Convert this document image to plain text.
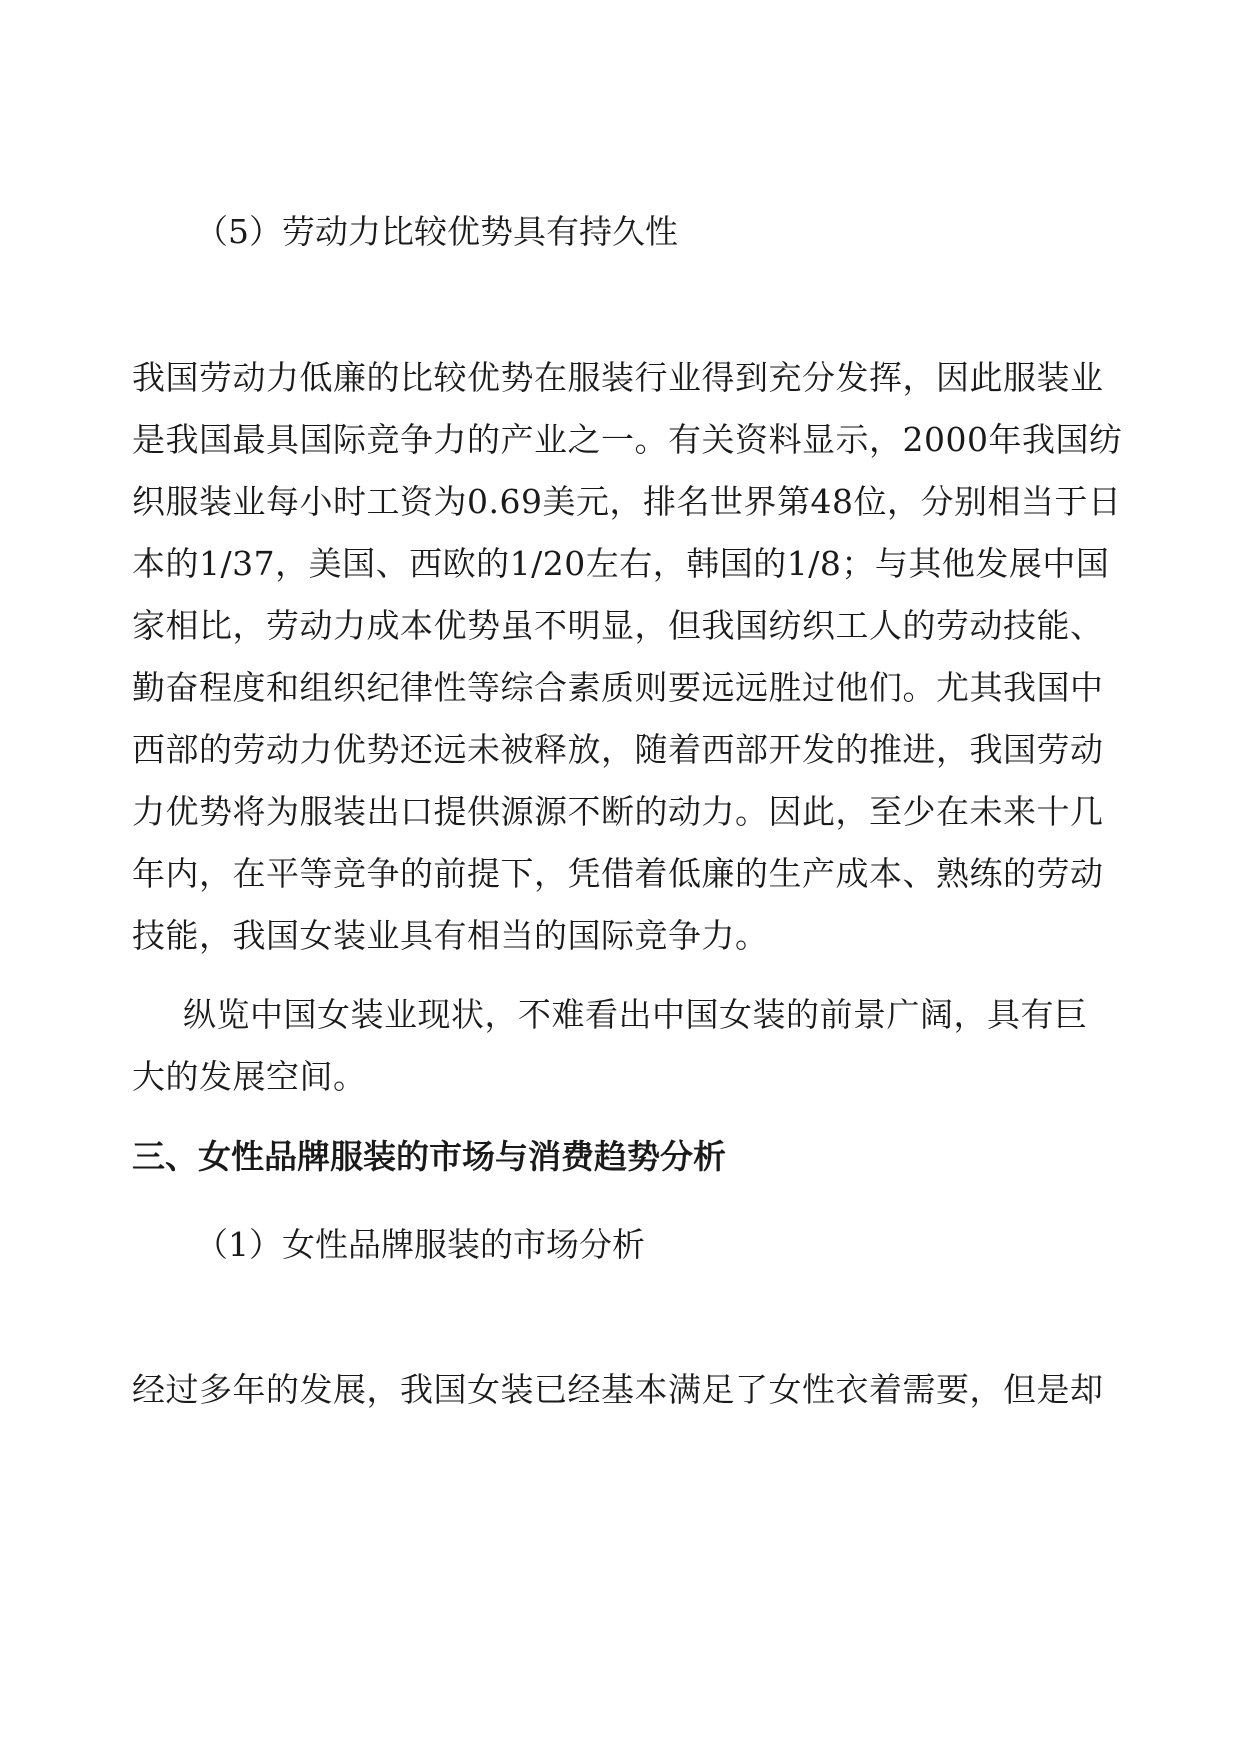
（5）劳动力比较优势具有持久性
我国劳动力低廉的比较优势在服装行业得到充分发挥，因此服装业
是我国最具国际竞争力的产业之一。有关资料显示，2000年我国纺
织服装业每小时工资为0.69美元，排名世界第48位，分别相当于日
本的1/37，美国、西欧的1/20左右，韩国的1/8；与其他发展中国
家相比，劳动力成本优势虽不明显，但我国纺织工人的劳动技能、
勤奋程度和组织纪律性等综合素质则要远远胜过他们。尤其我国中
西部的劳动力优势还远未被释放，随着西部开发的推进，我国劳动
力优势将为服装出口提供源源不断的动力。因此，至少在未来十几
年内，在平等竞争的前提下，凭借着低廉的生产成本、熟练的劳动
技能，我国女装业具有相当的国际竞争力。
纵览中国女装业现状，不难看出中国女装的前景广阔，具有巨
大的发展空间。
三、女性品牌服装的市场与消费趋势分析
（1）女性品牌服装的市场分析
经过多年的发展，我国女装已经基本满足了女性衣着需要，但是却
